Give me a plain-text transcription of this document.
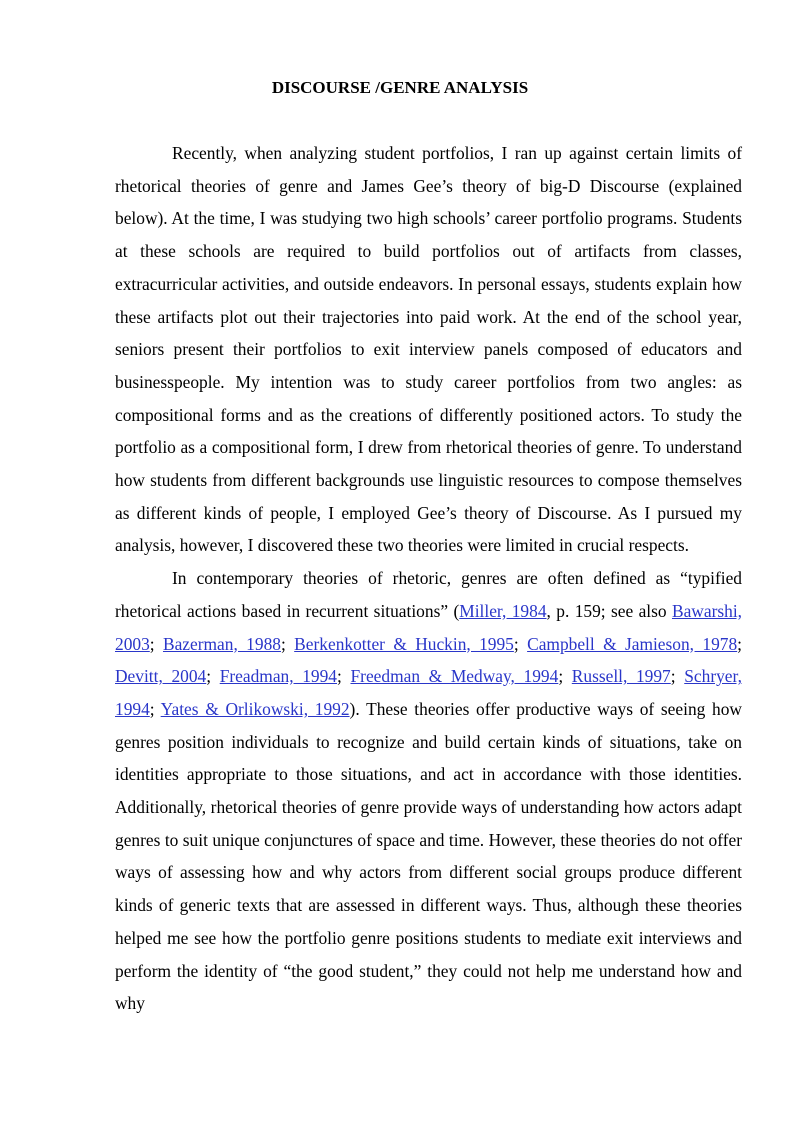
DISCOURSE /GENRE ANALYSIS

Recently, when analyzing student portfolios, I ran up against certain limits of rhetorical theories of genre and James Gee’s theory of big-D Discourse (explained below). At the time, I was studying two high schools’ career portfolio programs. Students at these schools are required to build portfolios out of artifacts from classes, extracurricular activities, and outside endeavors. In personal essays, students explain how these artifacts plot out their trajectories into paid work. At the end of the school year, seniors present their portfolios to exit interview panels composed of educators and businesspeople. My intention was to study career portfolios from two angles: as compositional forms and as the creations of differently positioned actors. To study the portfolio as a compositional form, I drew from rhetorical theories of genre. To understand how students from different backgrounds use linguistic resources to compose themselves as different kinds of people, I employed Gee’s theory of Discourse. As I pursued my analysis, however, I discovered these two theories were limited in crucial respects.

In contemporary theories of rhetoric, genres are often defined as “typified rhetorical actions based in recurrent situations” (Miller, 1984, p. 159; see also Bawarshi, 2003; Bazerman, 1988; Berkenkotter & Huckin, 1995; Campbell & Jamieson, 1978; Devitt, 2004; Freadman, 1994; Freedman & Medway, 1994; Russell, 1997; Schryer, 1994; Yates & Orlikowski, 1992). These theories offer productive ways of seeing how genres position individuals to recognize and build certain kinds of situations, take on identities appropriate to those situations, and act in accordance with those identities. Additionally, rhetorical theories of genre provide ways of understanding how actors adapt genres to suit unique conjunctures of space and time. However, these theories do not offer ways of assessing how and why actors from different social groups produce different kinds of generic texts that are assessed in different ways. Thus, although these theories helped me see how the portfolio genre positions students to mediate exit interviews and perform the identity of “the good student,” they could not help me understand how and why
